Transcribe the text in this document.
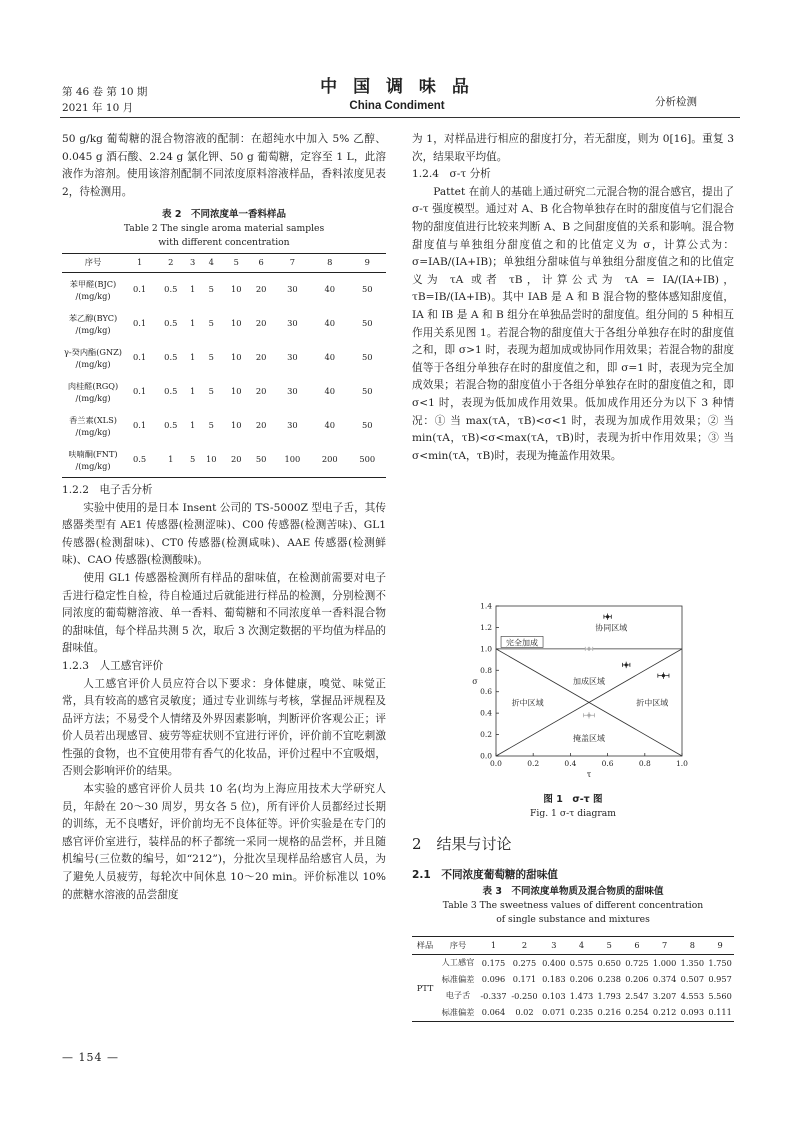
第 46 卷 第 10 期
2021 年 10 月
中 国 调 味 品
China Condiment	分析检测

50 g/kg 葡萄糖的混合物溶液的配制：在超纯水中加入 5% 乙醇、0.045 g 酒石酸、2.24 g 氯化钾、50 g 葡萄糖，定容至 1 L，此溶液作为溶剂。使用该溶剂配制不同浓度原料溶液样品，香料浓度见表 2，待检测用。

表 2　不同浓度单一香料样品
Table 2 The single aroma material samples
with different concentration
序号	1	2	3	4	5	6	7	8	9
苯甲醛(BJC)
/(mg/kg)	0.1	0.5	1	5	10	20	30	40	50
苯乙醇(BYC)
/(mg/kg)	0.1	0.5	1	5	10	20	30	40	50
γ-癸内酯(GNZ)
/(mg/kg)	0.1	0.5	1	5	10	20	30	40	50
肉桂醛(RGQ)
/(mg/kg)	0.1	0.5	1	5	10	20	30	40	50
香兰素(XLS)
/(mg/kg)	0.1	0.5	1	5	10	20	30	40	50
呋喃酮(FNT)
/(mg/kg)	0.5	1	5	10	20	50	100	200	500

1.2.2　电子舌分析

实验中使用的是日本 Insent 公司的 TS-5000Z 型电子舌，其传感器类型有 AE1 传感器(检测涩味)、C00 传感器(检测苦味)、GL1 传感器(检测甜味)、CT0 传感器(检测咸味)、AAE 传感器(检测鲜味)、CAO 传感器(检测酸味)。

使用 GL1 传感器检测所有样品的甜味值，在检测前需要对电子舌进行稳定性自检，待自检通过后就能进行样品的检测，分别检测不同浓度的葡萄糖溶液、单一香料、葡萄糖和不同浓度单一香料混合物的甜味值，每个样品共测 5 次，取后 3 次测定数据的平均值为样品的甜味值。

1.2.3　人工感官评价

人工感官评价人员应符合以下要求：身体健康，嗅觉、味觉正常，具有较高的感官灵敏度；通过专业训练与考核，掌握品评规程及品评方法；不易受个人情绪及外界因素影响，判断评价客观公正；评价人员若出现感冒、疲劳等症状则不宜进行评价，评价前不宜吃刺激性强的食物，也不宜使用带有香气的化妆品，评价过程中不宜吸烟，否则会影响评价的结果。

本实验的感官评价人员共 10 名(均为上海应用技术大学研究人员，年龄在 20～30 周岁，男女各 5 位)，所有评价人员都经过长期的训练，无不良嗜好，评价前均无不良体征等。评价实验是在专门的感官评价室进行，装样品的杯子都统一采同一规格的品尝杯，并且随机编号(三位数的编号，如“212”)，分批次呈现样品给感官人员，为了避免人员疲劳，每轮次中间休息 10～20 min。评价标准以 10% 的蔗糖水溶液的品尝甜度

— 154 —

为 1，对样品进行相应的甜度打分，若无甜度，则为 0[16]。重复 3 次，结果取平均值。

1.2.4　σ-τ 分析

Pattet 在前人的基础上通过研究二元混合物的混合感官，提出了 σ-τ 强度模型。通过对 A、B 化合物单独存在时的甜度值与它们混合物的甜度值进行比较来判断 A、B 之间甜度值的关系和影响。混合物甜度值与单独组分甜度值之和的比值定义为 σ，计算公式为：σ=IAB/(IA+IB)；单独组分甜味值与单独组分甜度值之和的比值定义为 τA 或者 τB，计算公式为 τA = IA/(IA+IB)，τB=IB/(IA+IB)。其中 IAB 是 A 和 B 混合物的整体感知甜度值，IA 和 IB 是 A 和 B 组分在单独品尝时的甜度值。组分间的 5 种相互作用关系见图 1。若混合物的甜度值大于各组分单独存在时的甜度值之和，即 σ>1 时，表现为超加成或协同作用效果；若混合物的甜度值等于各组分单独存在时的甜度值之和，即 σ=1 时，表现为完全加成效果；若混合物的甜度值小于各组分单独存在时的甜度值之和，即 σ<1 时，表现为低加成作用效果。低加成作用还分为以下 3 种情况：① 当 max(τA，τB)<σ<1 时，表现为加成作用效果；② 当 min(τA，τB)<σ<max(τA，τB)时，表现为折中作用效果；③ 当 σ<min(τA，τB)时，表现为掩盖作用效果。

0.0	0.2	0.4	0.6	0.8	1.0
0.0
0.2
0.4
0.6
0.8
1.0
1.2
1.4
τ
σ
协同区域
完全加成
加成区域
折中区域	折中区域
掩盖区域
图 1　σ-τ 图
Fig. 1 σ-τ diagram
2　结果与讨论
2.1　不同浓度葡萄糖的甜味值
表 3　不同浓度单物质及混合物质的甜味值
Table 3 The sweetness values of different concentration
of single substance and mixtures
样品	序号	1	2	3	4	5	6	7	8	9
PTT	人工感官	0.175	0.275	0.400	0.575	0.650	0.725	1.000	1.350	1.750
	标准偏差	0.096	0.171	0.183	0.206	0.238	0.206	0.374	0.507	0.957
	电子舌	-0.337	-0.250	0.103	1.473	1.793	2.547	3.207	4.553	5.560
	标准偏差	0.064	0.02	0.071	0.235	0.216	0.254	0.212	0.093	0.111
